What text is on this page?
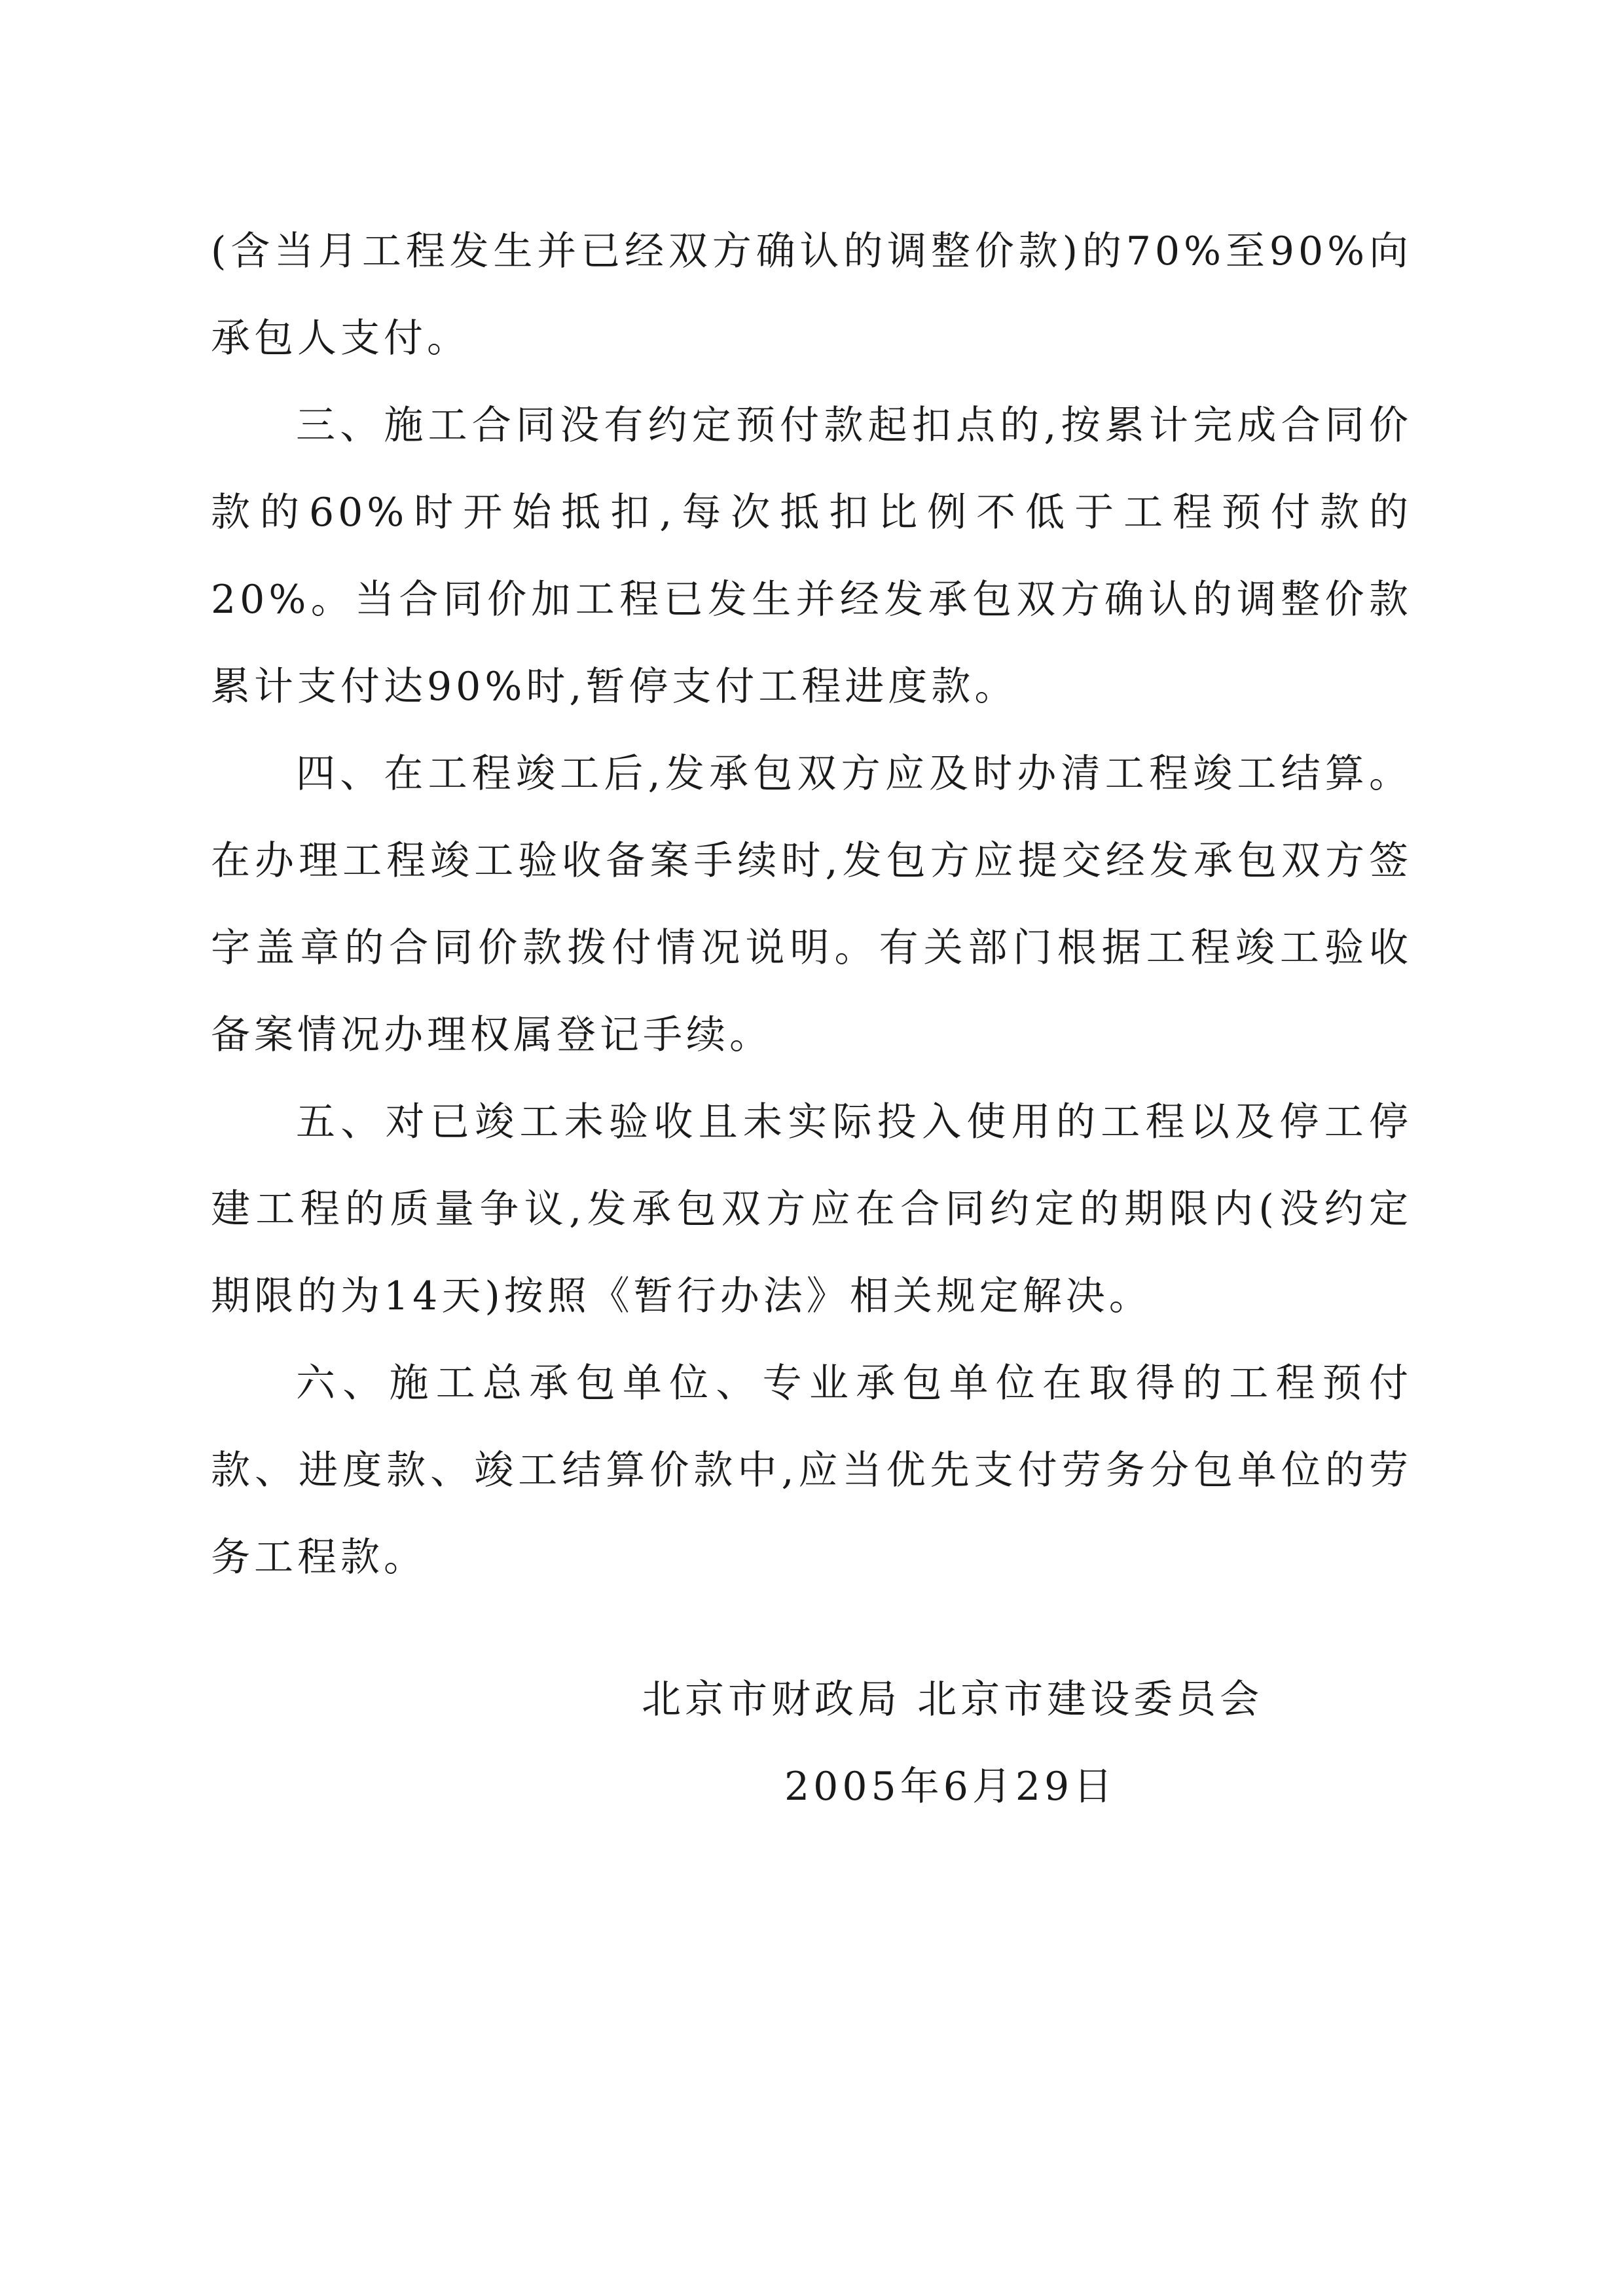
(含当月工程发生并已经双方确认的调整价款)的70%至90%向承包人支付。

三、施工合同没有约定预付款起扣点的,按累计完成合同价款的60%时开始抵扣,每次抵扣比例不低于工程预付款的20%。当合同价加工程已发生并经发承包双方确认的调整价款累计支付达90%时,暂停支付工程进度款。

四、在工程竣工后,发承包双方应及时办清工程竣工结算。在办理工程竣工验收备案手续时,发包方应提交经发承包双方签字盖章的合同价款拨付情况说明。有关部门根据工程竣工验收备案情况办理权属登记手续。

五、对已竣工未验收且未实际投入使用的工程以及停工停建工程的质量争议,发承包双方应在合同约定的期限内(没约定期限的为14天)按照《暂行办法》相关规定解决。

六、施工总承包单位、专业承包单位在取得的工程预付款、进度款、竣工结算价款中,应当优先支付劳务分包单位的劳务工程款。

北京市财政局 北京市建设委员会
2005年6月29日
